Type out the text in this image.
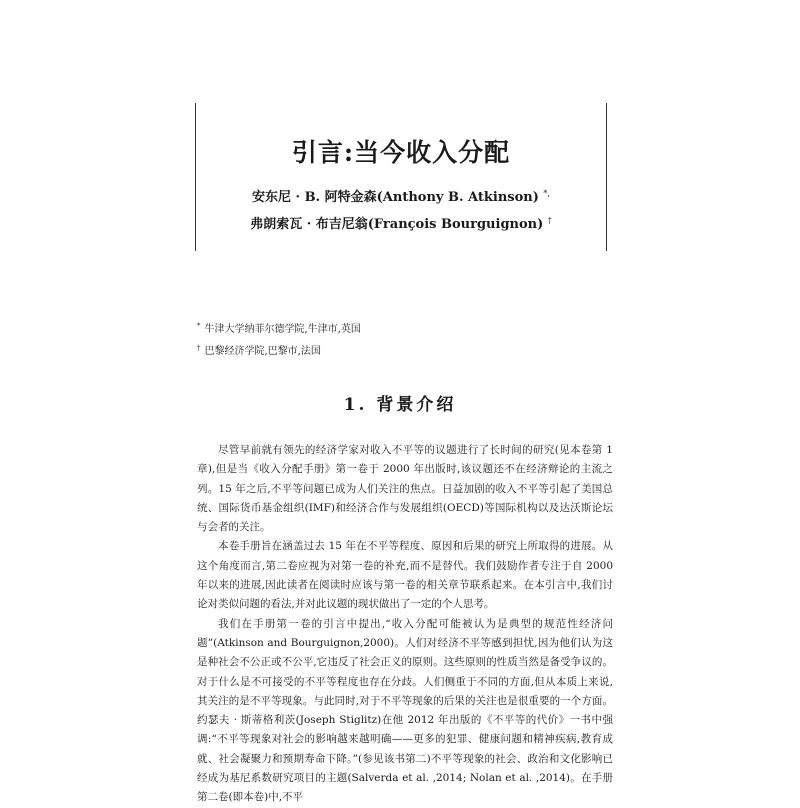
引言:当今收入分配
安东尼 · B. 阿特金森(Anthony B. Atkinson) *,
弗朗索瓦 · 布吉尼翁(François Bourguignon) †
* 牛津大学纳菲尔德学院,牛津市,英国
† 巴黎经济学院,巴黎市,法国
1. 背景介绍

尽管早前就有领先的经济学家对收入不平等的议题进行了长时间的研究(见本卷第 1 章),但是当《收入分配手册》第一卷于 2000 年出版时,该议题还不在经济辩论的主流之列。15 年之后,不平等问题已成为人们关注的焦点。日益加剧的收入不平等引起了美国总统、国际货币基金组织(IMF)和经济合作与发展组织(OECD)等国际机构以及达沃斯论坛与会者的关注。

本卷手册旨在涵盖过去 15 年在不平等程度、原因和后果的研究上所取得的进展。从这个角度而言,第二卷应视为对第一卷的补充,而不是替代。我们鼓励作者专注于自 2000 年以来的进展,因此读者在阅读时应该与第一卷的相关章节联系起来。在本引言中,我们讨论对类似问题的看法,并对此议题的现状做出了一定的个人思考。

我们在手册第一卷的引言中提出,“收入分配可能被认为是典型的规范性经济问题”(Atkinson and Bourguignon,2000)。人们对经济不平等感到担忧,因为他们认为这是种社会不公正或不公平,它违反了社会正义的原则。这些原则的性质当然是备受争议的。对于什么是不可接受的不平等程度也存在分歧。人们侧重于不同的方面,但从本质上来说,其关注的是不平等现象。与此同时,对于不平等现象的后果的关注也是很重要的一个方面。约瑟夫 · 斯蒂格利茨(Joseph Stiglitz)在他 2012 年出版的《不平等的代价》一书中强调:“不平等现象对社会的影响越来越明确——更多的犯罪、健康问题和精神疾病,教育成就、社会凝聚力和预期寿命下降。”(参见该书第二)不平等现象的社会、政治和文化影响已经成为基尼系数研究项目的主题(Salverda et al. ,2014; Nolan et al. ,2014)。在手册第二卷(即本卷)中,不平
